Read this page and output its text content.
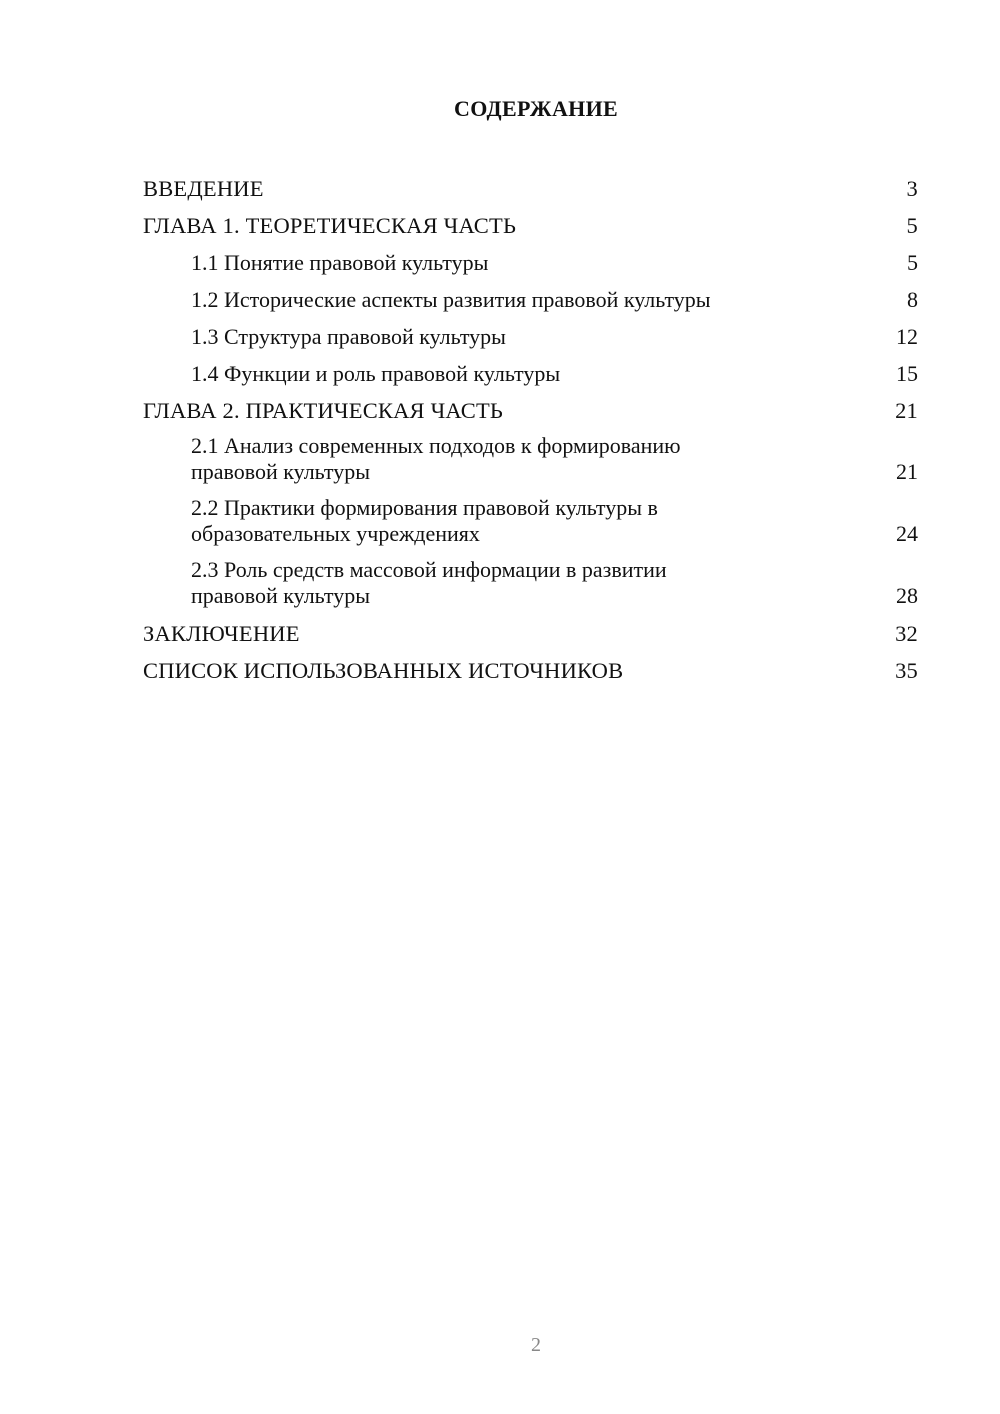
СОДЕРЖАНИЕ
ВВЕДЕНИЕ	3
ГЛАВА 1. ТЕОРЕТИЧЕСКАЯ ЧАСТЬ	5
1.1 Понятие правовой культуры	5
1.2 Исторические аспекты развития правовой культуры	8
1.3 Структура правовой культуры	12
1.4 Функции и роль правовой культуры	15
ГЛАВА 2. ПРАКТИЧЕСКАЯ ЧАСТЬ	21
2.1 Анализ современных подходов к формированию
правовой культуры	21
2.2 Практики формирования правовой культуры в
образовательных учреждениях	24
2.3 Роль средств массовой информации в развитии
правовой культуры	28
ЗАКЛЮЧЕНИЕ	32
СПИСОК ИСПОЛЬЗОВАННЫХ ИСТОЧНИКОВ	35
2
